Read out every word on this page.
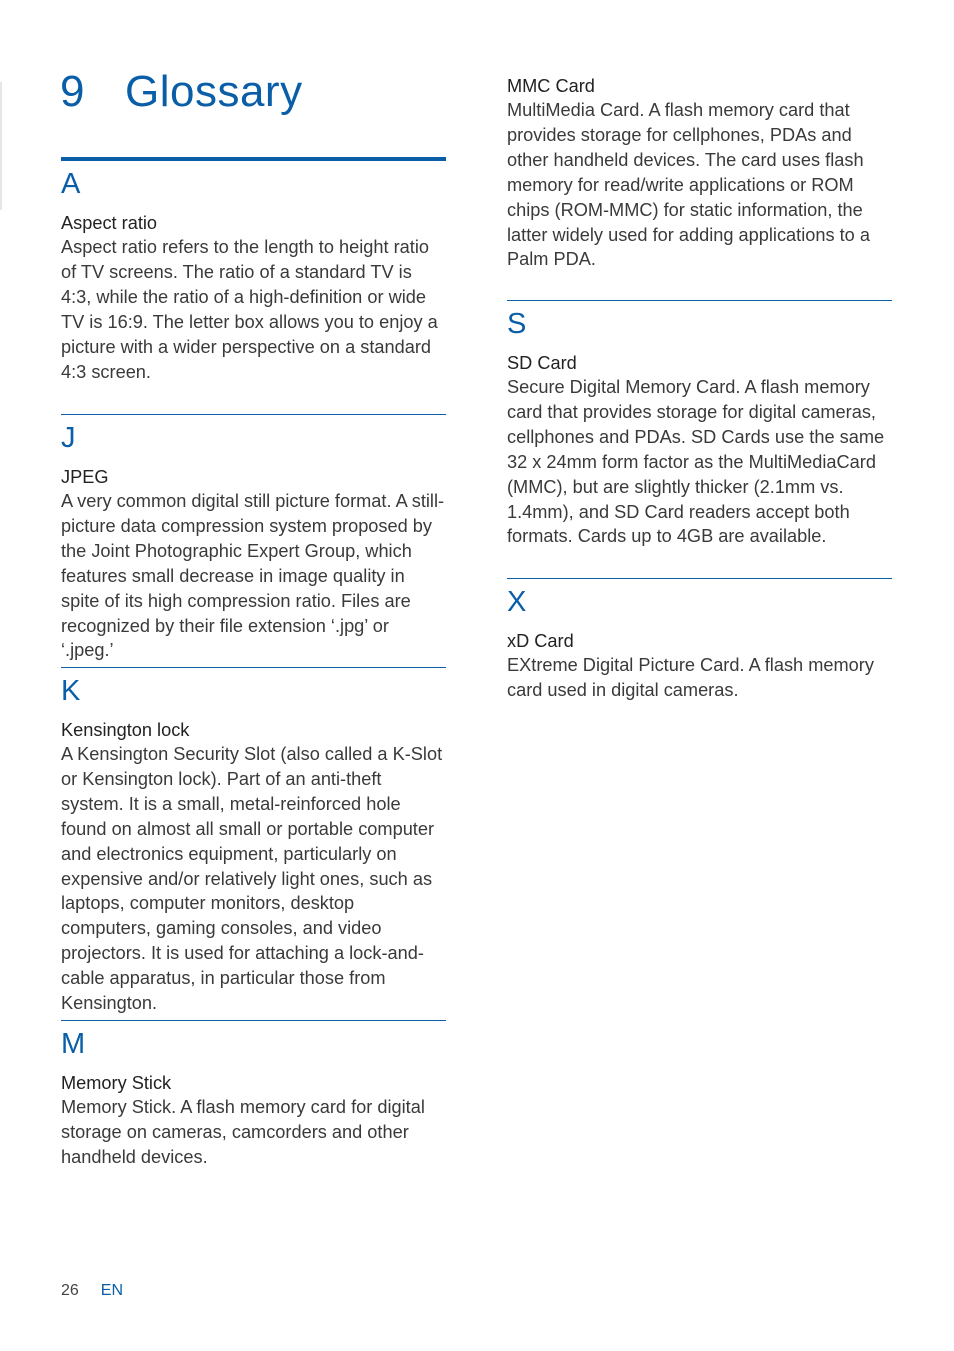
9 Glossary
A

Aspect ratio

Aspect ratio refers to the length to height ratio of TV screens. The ratio of a standard TV is 4:3, while the ratio of a high-definition or wide TV is 16:9. The letter box allows you to enjoy a picture with a wider perspective on a standard 4:3 screen.

J

JPEG

A very common digital still picture format. A still-picture data compression system proposed by the Joint Photographic Expert Group, which features small decrease in image quality in spite of its high compression ratio. Files are recognized by their file extension ‘.jpg’ or ‘.jpeg.’

K

Kensington lock

A Kensington Security Slot (also called a K-Slot or Kensington lock). Part of an anti-theft system. It is a small, metal-reinforced hole found on almost all small or portable computer and electronics equipment, particularly on expensive and/or relatively light ones, such as laptops, computer monitors, desktop computers, gaming consoles, and video projectors. It is used for attaching a lock-and-cable apparatus, in particular those from Kensington.

M

Memory Stick

Memory Stick. A flash memory card for digital storage on cameras, camcorders and other handheld devices.

MMC Card

MultiMedia Card. A flash memory card that provides storage for cellphones, PDAs and other handheld devices. The card uses flash memory for read/write applications or ROM chips (ROM-MMC) for static information, the latter widely used for adding applications to a Palm PDA.

S

SD Card

Secure Digital Memory Card. A flash memory card that provides storage for digital cameras, cellphones and PDAs. SD Cards use the same 32 x 24mm form factor as the MultiMediaCard (MMC), but are slightly thicker (2.1mm vs. 1.4mm), and SD Card readers accept both formats. Cards up to 4GB are available.

X

xD Card

EXtreme Digital Picture Card. A flash memory card used in digital cameras.

26 EN
